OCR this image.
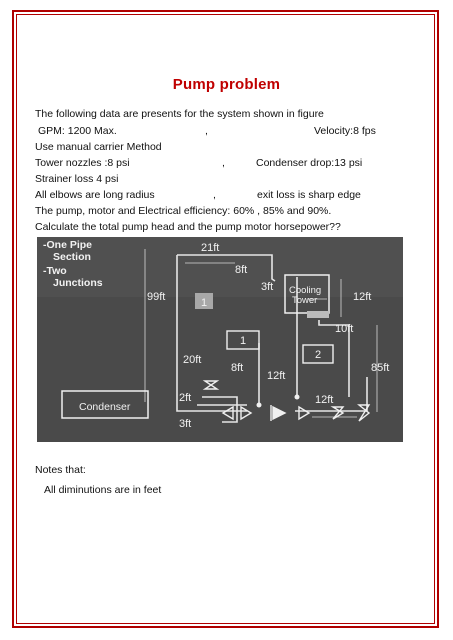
Pump problem
The following data are presents for the system shown in figure
GPM: 1200 Max.	,	Velocity:8 fps
Use manual carrier Method
Tower nozzles :8 psi	,	Condenser drop:13 psi
Strainer loss 4 psi
All elbows are long radius	,	exit loss is sharp edge
The pump, motor and Electrical efficiency: 60% , 85% and 90%.
Calculate the total pump head and the pump motor horsepower??
-One Pipe
Section
-Two
Junctions
21ft
8ft
99ft
3ft Cooling
Tower	12ft
10ft
1
1
2
20ft
8ft
12ft
85ft
Condenser
2ft	12ft
3ft
Notes that:
All diminutions are in feet
